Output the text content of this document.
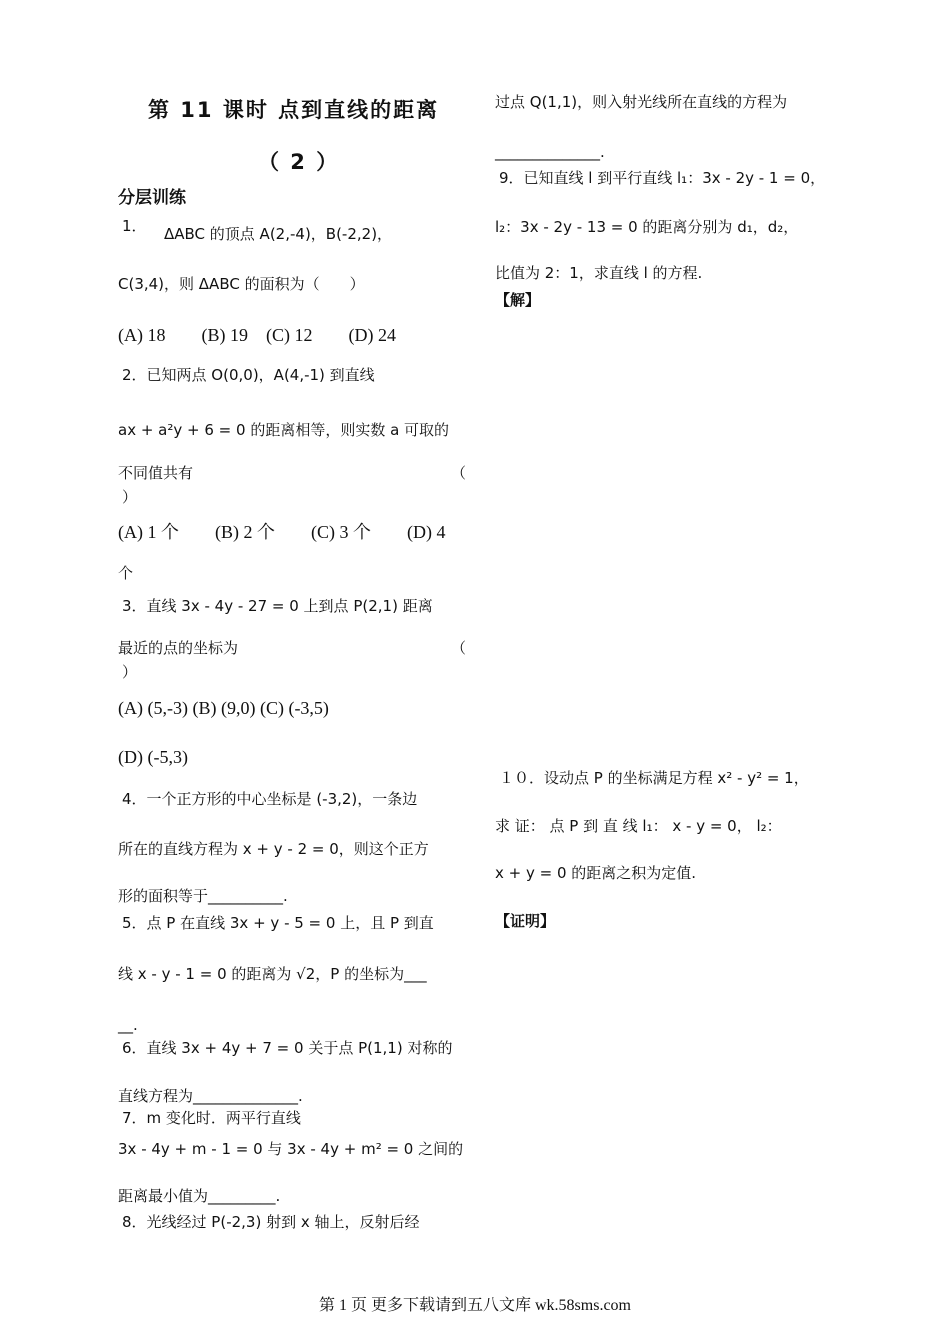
第 11 课时 点到直线的距离
（ 2 ）
分层训练
1． ΔABC 的顶点 A(2,-4)，B(-2,2)，
C(3,4)，则 ΔABC 的面积为（　　）
(A) 18　　(B) 19　(C) 12　　(D) 24
2．已知两点 O(0,0)，A(4,-1) 到直线
ax + a²y + 6 = 0 的距离相等，则实数 a 可取的
不同值共有	（
）
(A) 1 个　　(B) 2 个　　(C) 3 个　　(D) 4
个
3．直线 3x - 4y - 27 = 0 上到点 P(2,1) 距离
最近的点的坐标为	（
）
(A) (5,-3) (B) (9,0) (C) (-3,5)
(D) (-5,3)
4．一个正方形的中心坐标是 (-3,2)，一条边
所在的直线方程为 x + y - 2 = 0，则这个正方
形的面积等于__________.
5．点 P 在直线 3x + y - 5 = 0 上，且 P 到直
线 x - y - 1 = 0 的距离为 √2，P 的坐标为___
__.
6．直线 3x + 4y + 7 = 0 关于点 P(1,1) 对称的
直线方程为______________.
7．m 变化时．两平行直线
3x - 4y + m - 1 = 0 与 3x - 4y + m² = 0 之间的
距离最小值为_________.
8．光线经过 P(-2,3) 射到 x 轴上，反射后经
过点 Q(1,1)，则入射光线所在直线的方程为
______________.
9．已知直线 l 到平行直线 l₁：3x - 2y - 1 = 0，
l₂：3x - 2y - 13 = 0 的距离分别为 d₁，d₂，
比值为 2：1，求直线 l 的方程.
【解】
１０．设动点 P 的坐标满足方程 x² - y² = 1，
求 证： 点 P 到 直 线 l₁： x - y = 0， l₂：
x + y = 0 的距离之积为定值.
【证明】
第 1 页 更多下载请到五八文库 wk.58sms.com
